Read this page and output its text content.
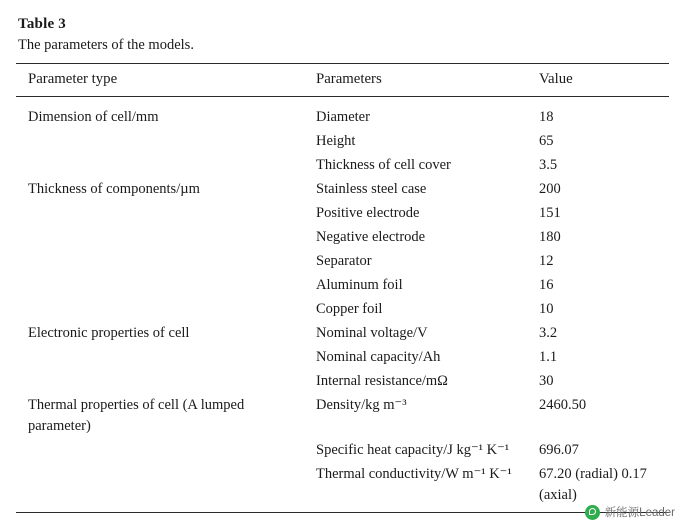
Table 3
The parameters of the models.
Parameter type	Parameters	Value
Dimension of cell/mm	Diameter	18
	Height	65
	Thickness of cell cover	3.5
Thickness of components/µm	Stainless steel case	200
	Positive electrode	151
	Negative electrode	180
	Separator	12
	Aluminum foil	16
	Copper foil	10
Electronic properties of cell	Nominal voltage/V	3.2
	Nominal capacity/Ah	1.1
	Internal resistance/mΩ	30
Thermal properties of cell (A lumped parameter)	Density/kg m⁻³	2460.50
	Specific heat capacity/J kg⁻¹ K⁻¹	696.07
	Thermal conductivity/W m⁻¹ K⁻¹	67.20 (radial) 0.17 (axial)
新能源Leader
